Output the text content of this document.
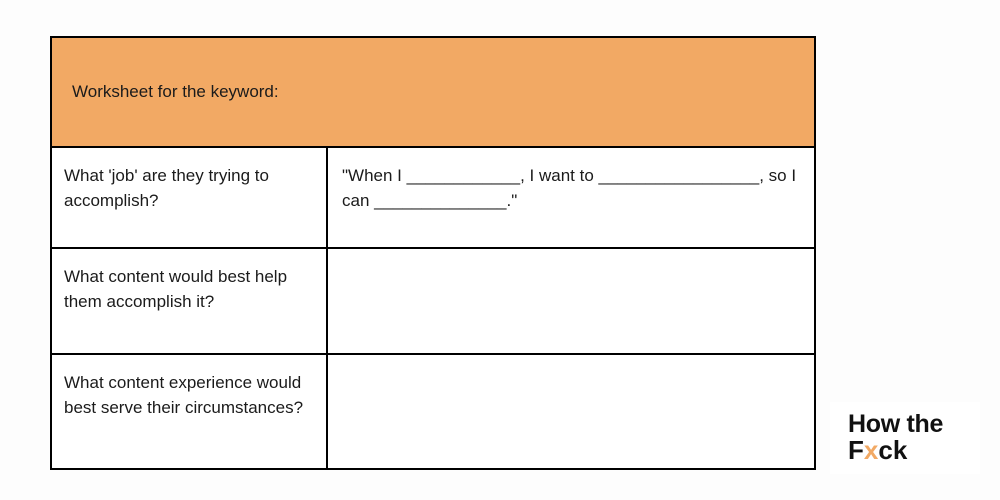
Worksheet for the keyword:
What 'job' are they trying to accomplish?
"When I ____________, I want to _________________, so I can ______________."
What content would best help them accomplish it?
What content experience would best serve their circumstances?
How the
Fxck
